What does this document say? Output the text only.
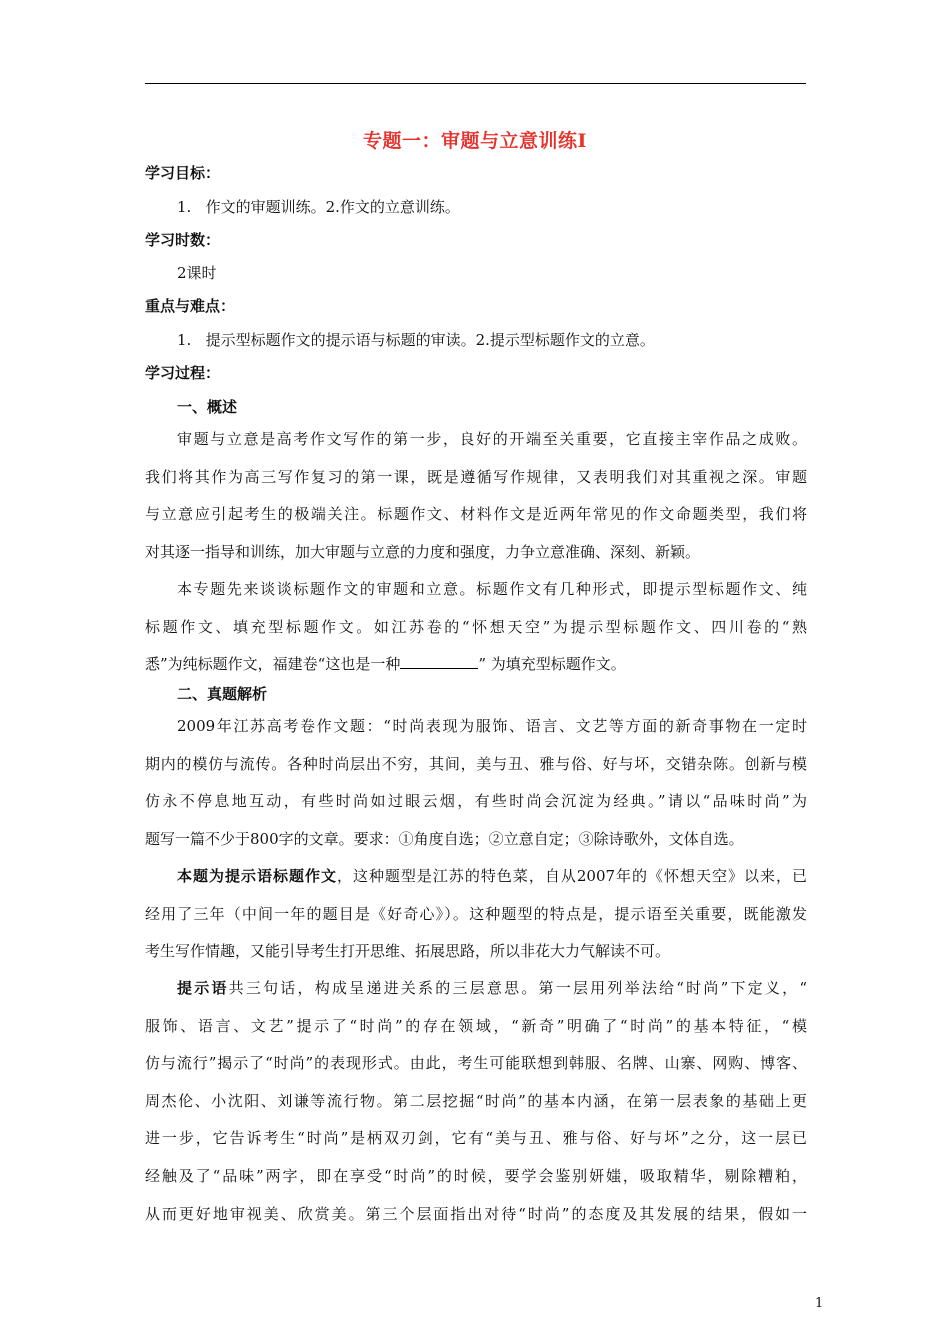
专题一：审题与立意训练Ⅰ
学习目标：
1.   作文的审题训练。2.作文的立意训练。
学习时数：
2课时
重点与难点：
1.   提示型标题作文的提示语与标题的审读。2.提示型标题作文的立意。
学习过程：
一、概述

审题与立意是高考作文写作的第一步，良好的开端至关重要，它直接主宰作品之成败。

我们将其作为高三写作复习的第一课，既是遵循写作规律，又表明我们对其重视之深。审题

与立意应引起考生的极端关注。标题作文、材料作文是近两年常见的作文命题类型，我们将

对其逐一指导和训练，加大审题与立意的力度和强度，力争立意准确、深刻、新颖。

本专题先来谈谈标题作文的审题和立意。标题作文有几种形式，即提示型标题作文、纯

标题作文、填充型标题作文。如江苏卷的“怀想天空”为提示型标题作文、四川卷的“熟

悉”为纯标题作文，福建卷“这也是一种	” 为填充型标题作文。

二、真题解析

2009年江苏高考卷作文题：“时尚表现为服饰、语言、文艺等方面的新奇事物在一定时

期内的模仿与流传。各种时尚层出不穷，其间，美与丑、雅与俗、好与坏，交错杂陈。创新与模

仿永不停息地互动，有些时尚如过眼云烟，有些时尚会沉淀为经典。”请以“品味时尚”为

题写一篇不少于800字的文章。要求：①角度自选；②立意自定；③除诗歌外，文体自选。

本题为提示语标题作文，这种题型是江苏的特色菜，自从2007年的《怀想天空》以来，已

经用了三年（中间一年的题目是《好奇心》）。这种题型的特点是，提示语至关重要，既能激发

考生写作情趣，又能引导考生打开思维、拓展思路，所以非花大力气解读不可。

提示语共三句话，构成呈递进关系的三层意思。第一层用列举法给“时尚”下定义，“

服饰、语言、文艺”提示了“时尚”的存在领域，“新奇”明确了“时尚”的基本特征，“模

仿与流行”揭示了“时尚”的表现形式。由此，考生可能联想到韩服、名牌、山寨、网购、博客、

周杰伦、小沈阳、刘谦等流行物。第二层挖掘“时尚”的基本内涵，在第一层表象的基础上更

进一步，它告诉考生“时尚”是柄双刃剑，它有“美与丑、雅与俗、好与坏”之分，这一层已

经触及了“品味”两字，即在享受“时尚”的时候，要学会鉴别妍媸，吸取精华，剔除糟粕，

从而更好地审视美、欣赏美。第三个层面指出对待“时尚”的态度及其发展的结果，假如一

1
